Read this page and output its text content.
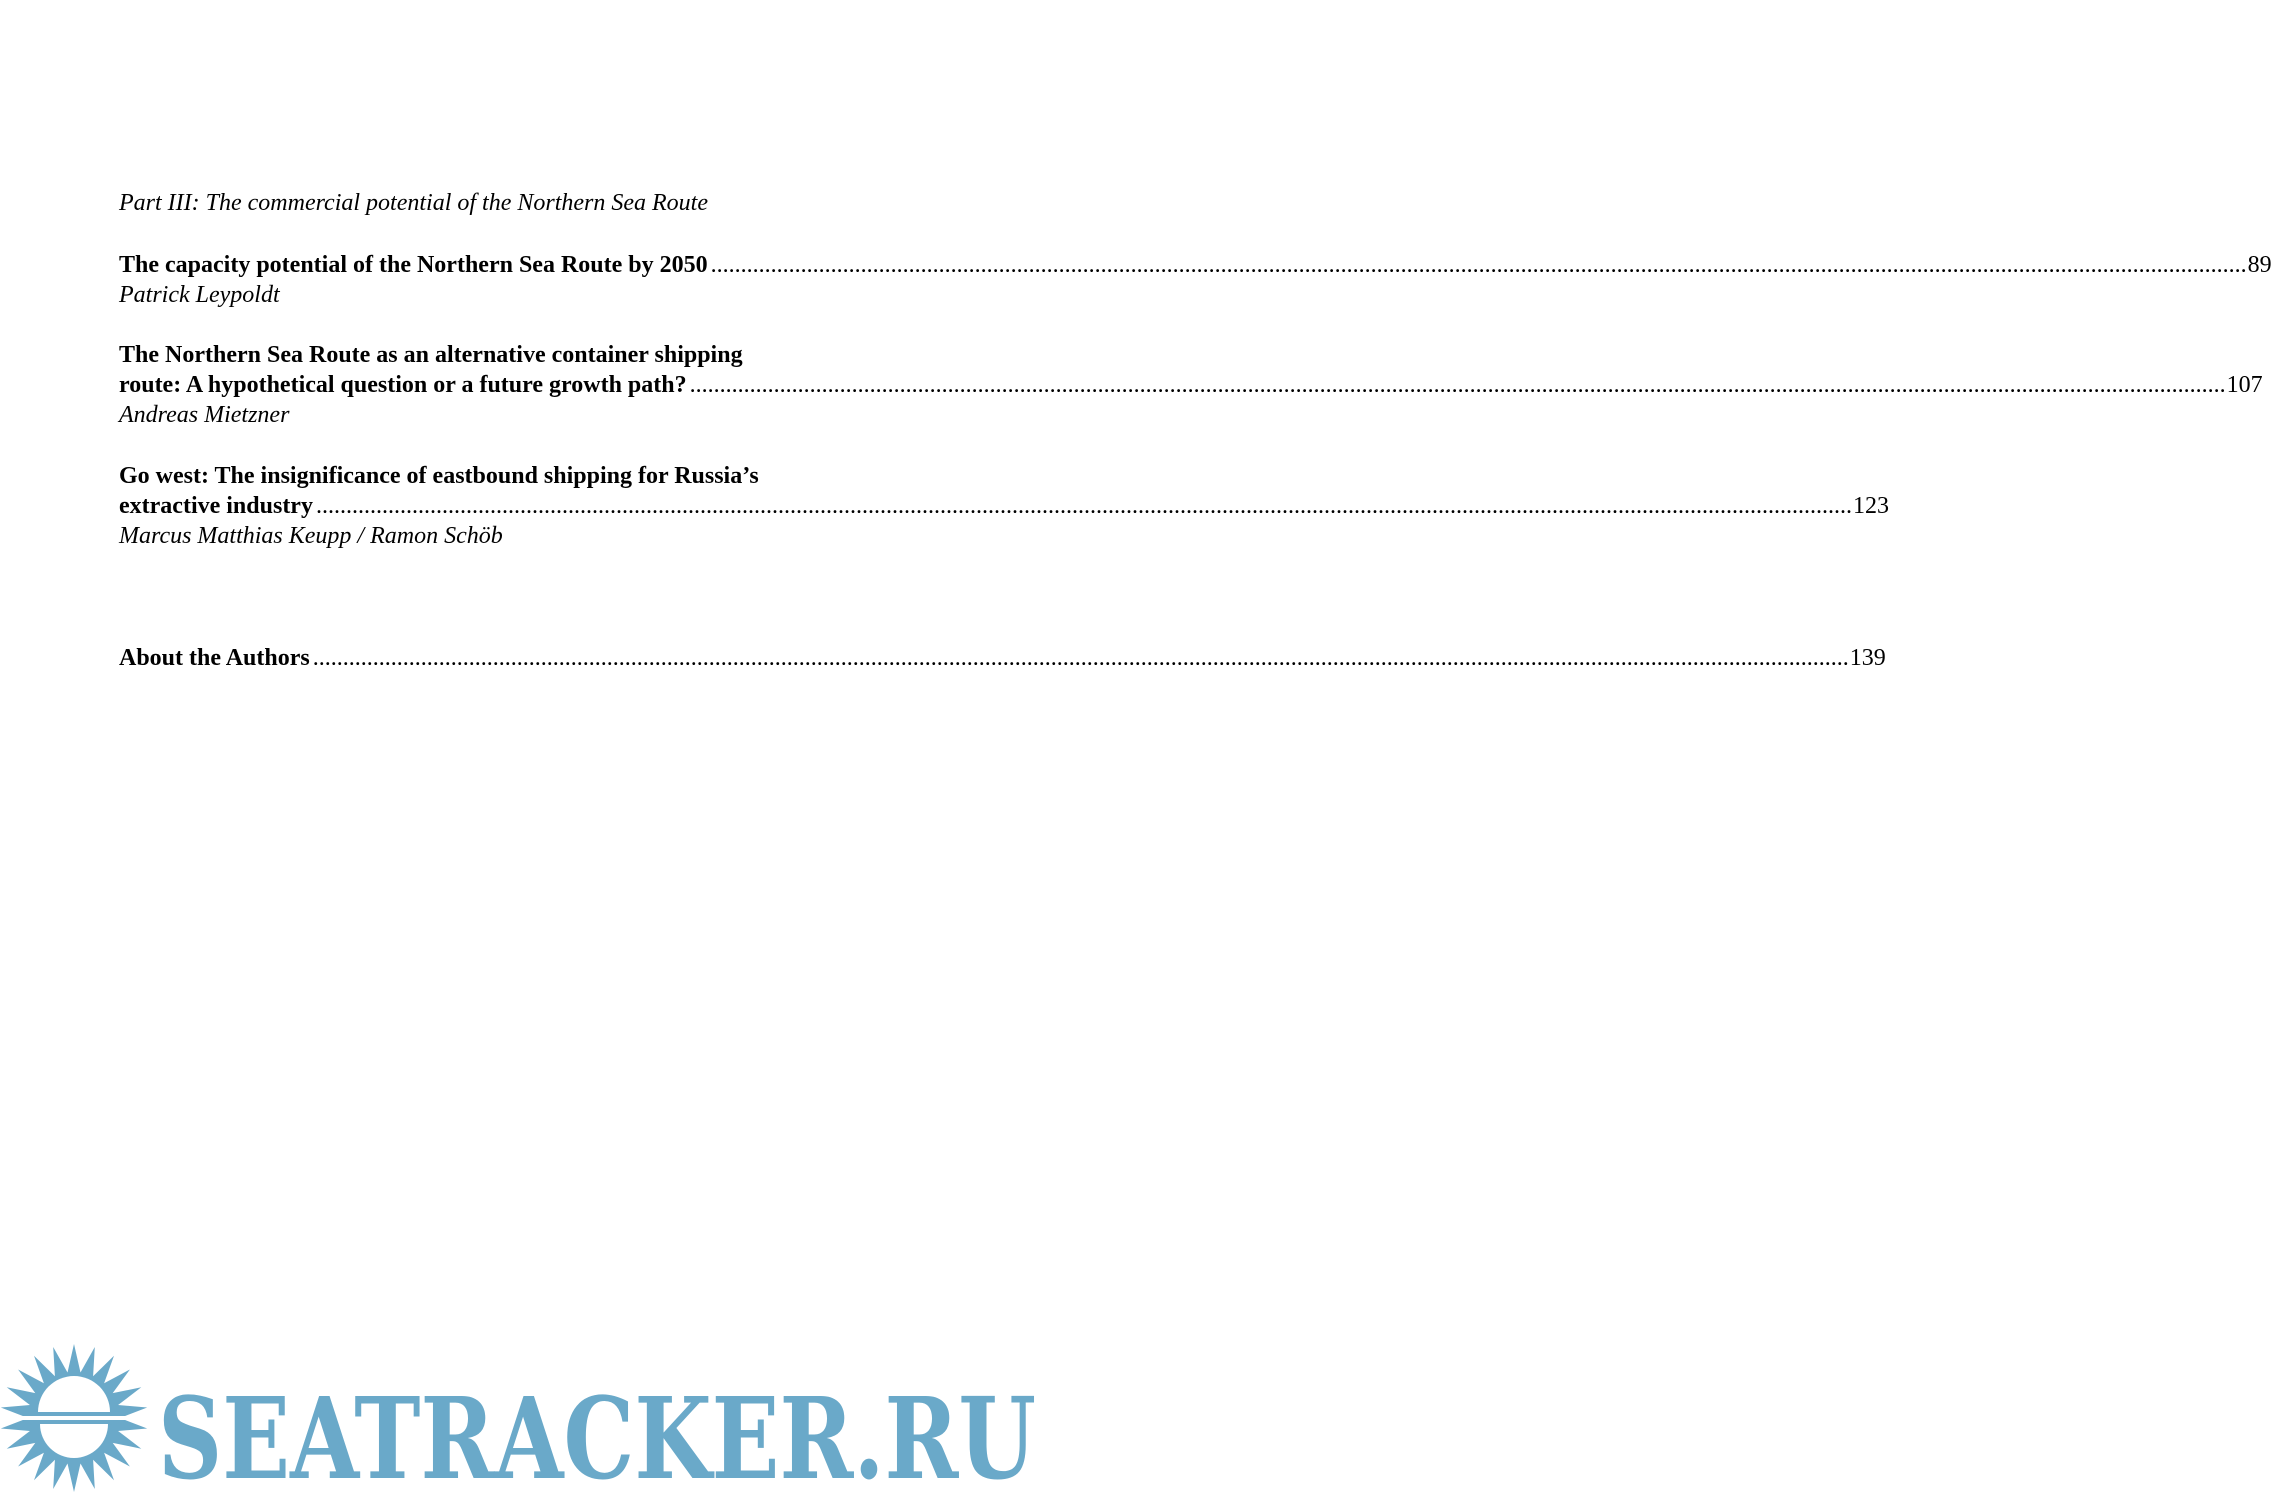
Part III: The commercial potential of the Northern Sea Route
The capacity potential of the Northern Sea Route by 2050 .....	89
Patrick Leypoldt
The Northern Sea Route as an alternative container shipping
route: A hypothetical question or a future growth path? .....	107
Andreas Mietzner
Go west: The insignificance of eastbound shipping for Russia’s
extractive industry .....	123
Marcus Matthias Keupp / Ramon Schöb
About the Authors .....	139
SEATRACKER.RU
